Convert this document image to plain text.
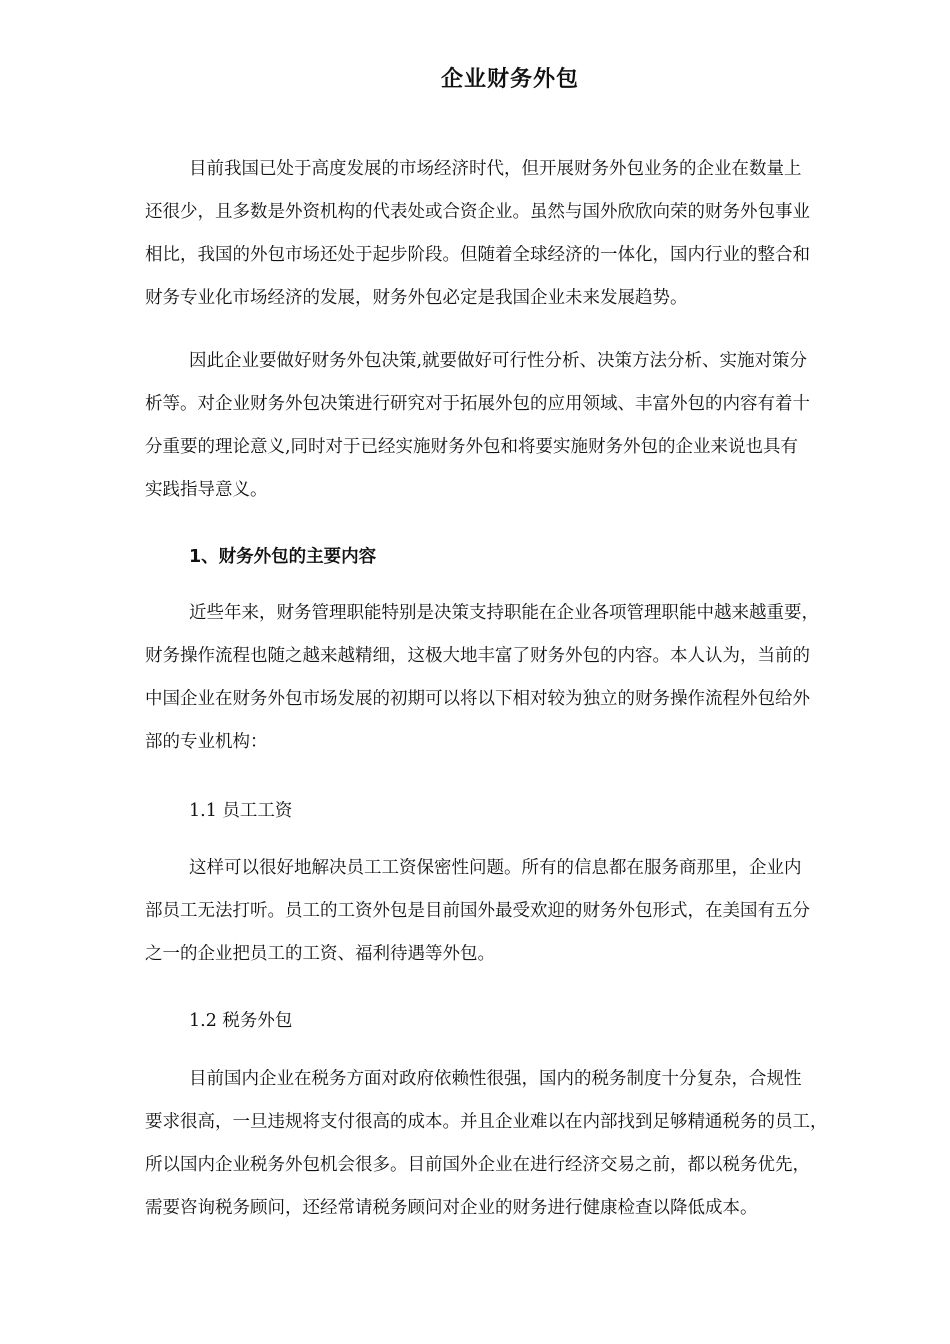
企业财务外包

目前我国已处于高度发展的市场经济时代，但开展财务外包业务的企业在数量上
还很少，且多数是外资机构的代表处或合资企业。虽然与国外欣欣向荣的财务外包事业
相比，我国的外包市场还处于起步阶段。但随着全球经济的一体化，国内行业的整合和
财务专业化市场经济的发展，财务外包必定是我国企业未来发展趋势。

因此企业要做好财务外包决策,就要做好可行性分析、决策方法分析、实施对策分
析等。对企业财务外包决策进行研究对于拓展外包的应用领域、丰富外包的内容有着十
分重要的理论意义,同时对于已经实施财务外包和将要实施财务外包的企业来说也具有
实践指导意义。

1、财务外包的主要内容

近些年来，财务管理职能特别是决策支持职能在企业各项管理职能中越来越重要，
财务操作流程也随之越来越精细，这极大地丰富了财务外包的内容。本人认为，当前的
中国企业在财务外包市场发展的初期可以将以下相对较为独立的财务操作流程外包给外
部的专业机构：

1.1 员工工资

这样可以很好地解决员工工资保密性问题。所有的信息都在服务商那里，企业内
部员工无法打听。员工的工资外包是目前国外最受欢迎的财务外包形式，在美国有五分
之一的企业把员工的工资、福利待遇等外包。

1.2 税务外包

目前国内企业在税务方面对政府依赖性很强，国内的税务制度十分复杂，合规性
要求很高，一旦违规将支付很高的成本。并且企业难以在内部找到足够精通税务的员工，
所以国内企业税务外包机会很多。目前国外企业在进行经济交易之前，都以税务优先，
需要咨询税务顾问，还经常请税务顾问对企业的财务进行健康检查以降低成本。
